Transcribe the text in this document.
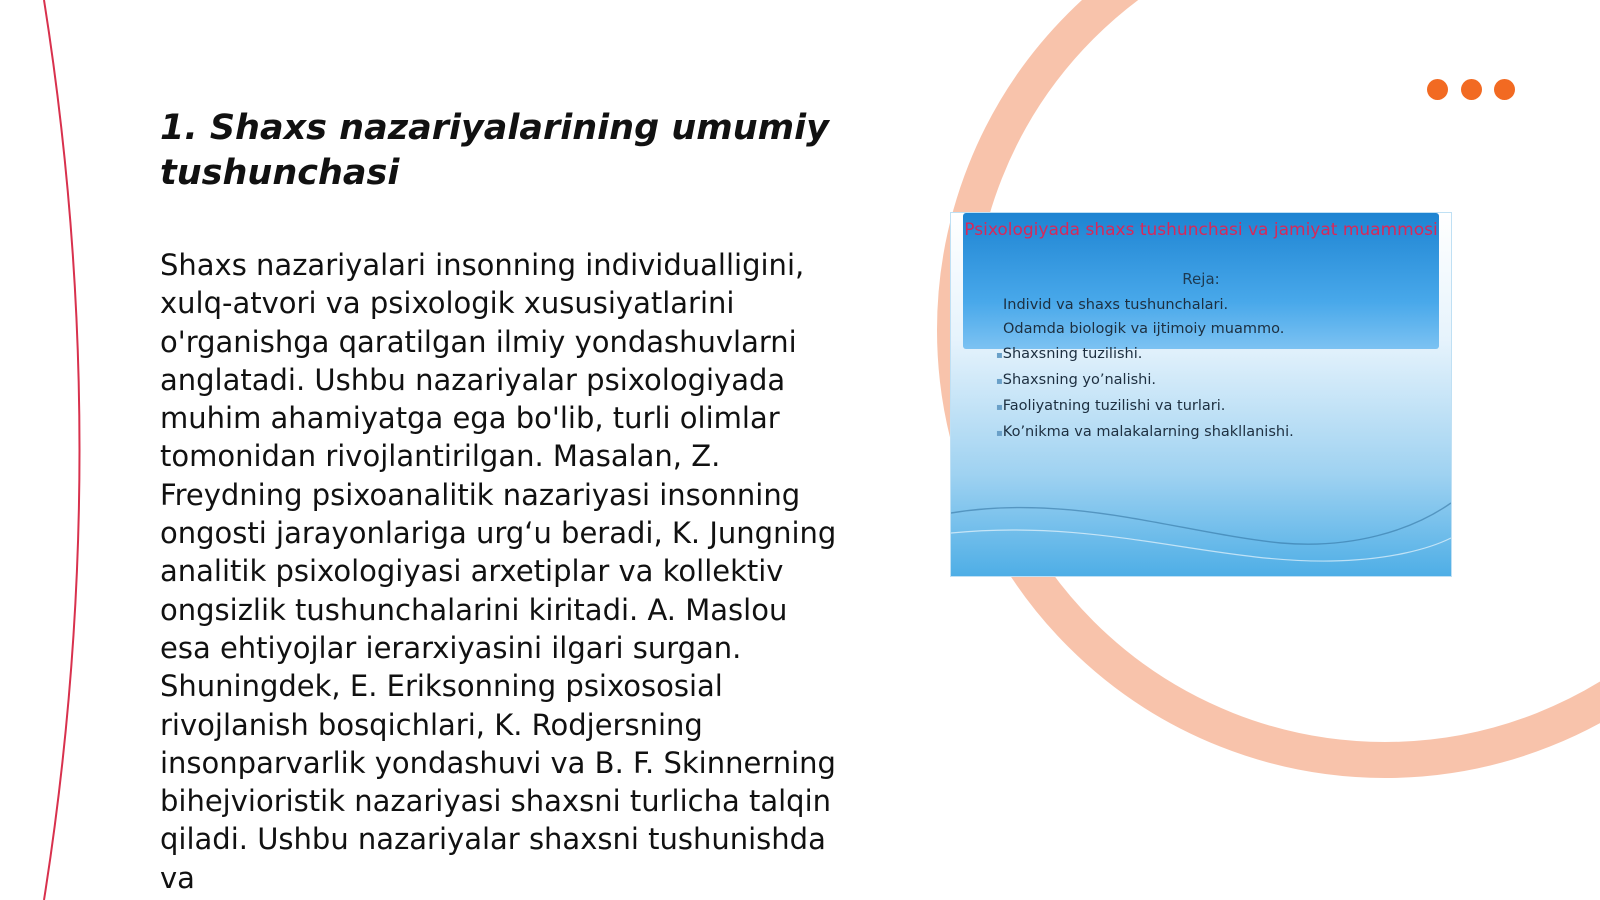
1. Shaxs nazariyalarining umumiy tushunchasi

Shaxs nazariyalari insonning individualligini, xulq-atvori va psixologik xususiyatlarini o'rganishga qaratilgan ilmiy yondashuvlarni anglatadi. Ushbu nazariyalar psixologiyada muhim ahamiyatga ega bo'lib, turli olimlar tomonidan rivojlantirilgan. Masalan, Z. Freydning psixoanalitik nazariyasi insonning ongosti jarayonlariga urg‘u beradi, K. Jungning analitik psixologiyasi arxetiplar va kollektiv ongsizlik tushunchalarini kiritadi. A. Maslou esa ehtiyojlar ierarxiyasini ilgari surgan. Shuningdek, E. Eriksonning psixososial rivojlanish bosqichlari, K. Rodjersning insonparvarlik yondashuvi va B. F. Skinnerning bihejvioristik nazariyasi shaxsni turlicha talqin qiladi. Ushbu nazariyalar shaxsni tushunishda va

Psixologiyada shaxs tushunchasi va jamiyat muammosi

Reja:

Individ va shaxs tushunchalari.
Odamda biologik va ijtimoiy muammo.
▪ Shaxsning tuzilishi.
▪ Shaxsning yo’nalishi.
▪ Faoliyatning tuzilishi va turlari.
▪ Ko’nikma va malakalarning shakllanishi.
